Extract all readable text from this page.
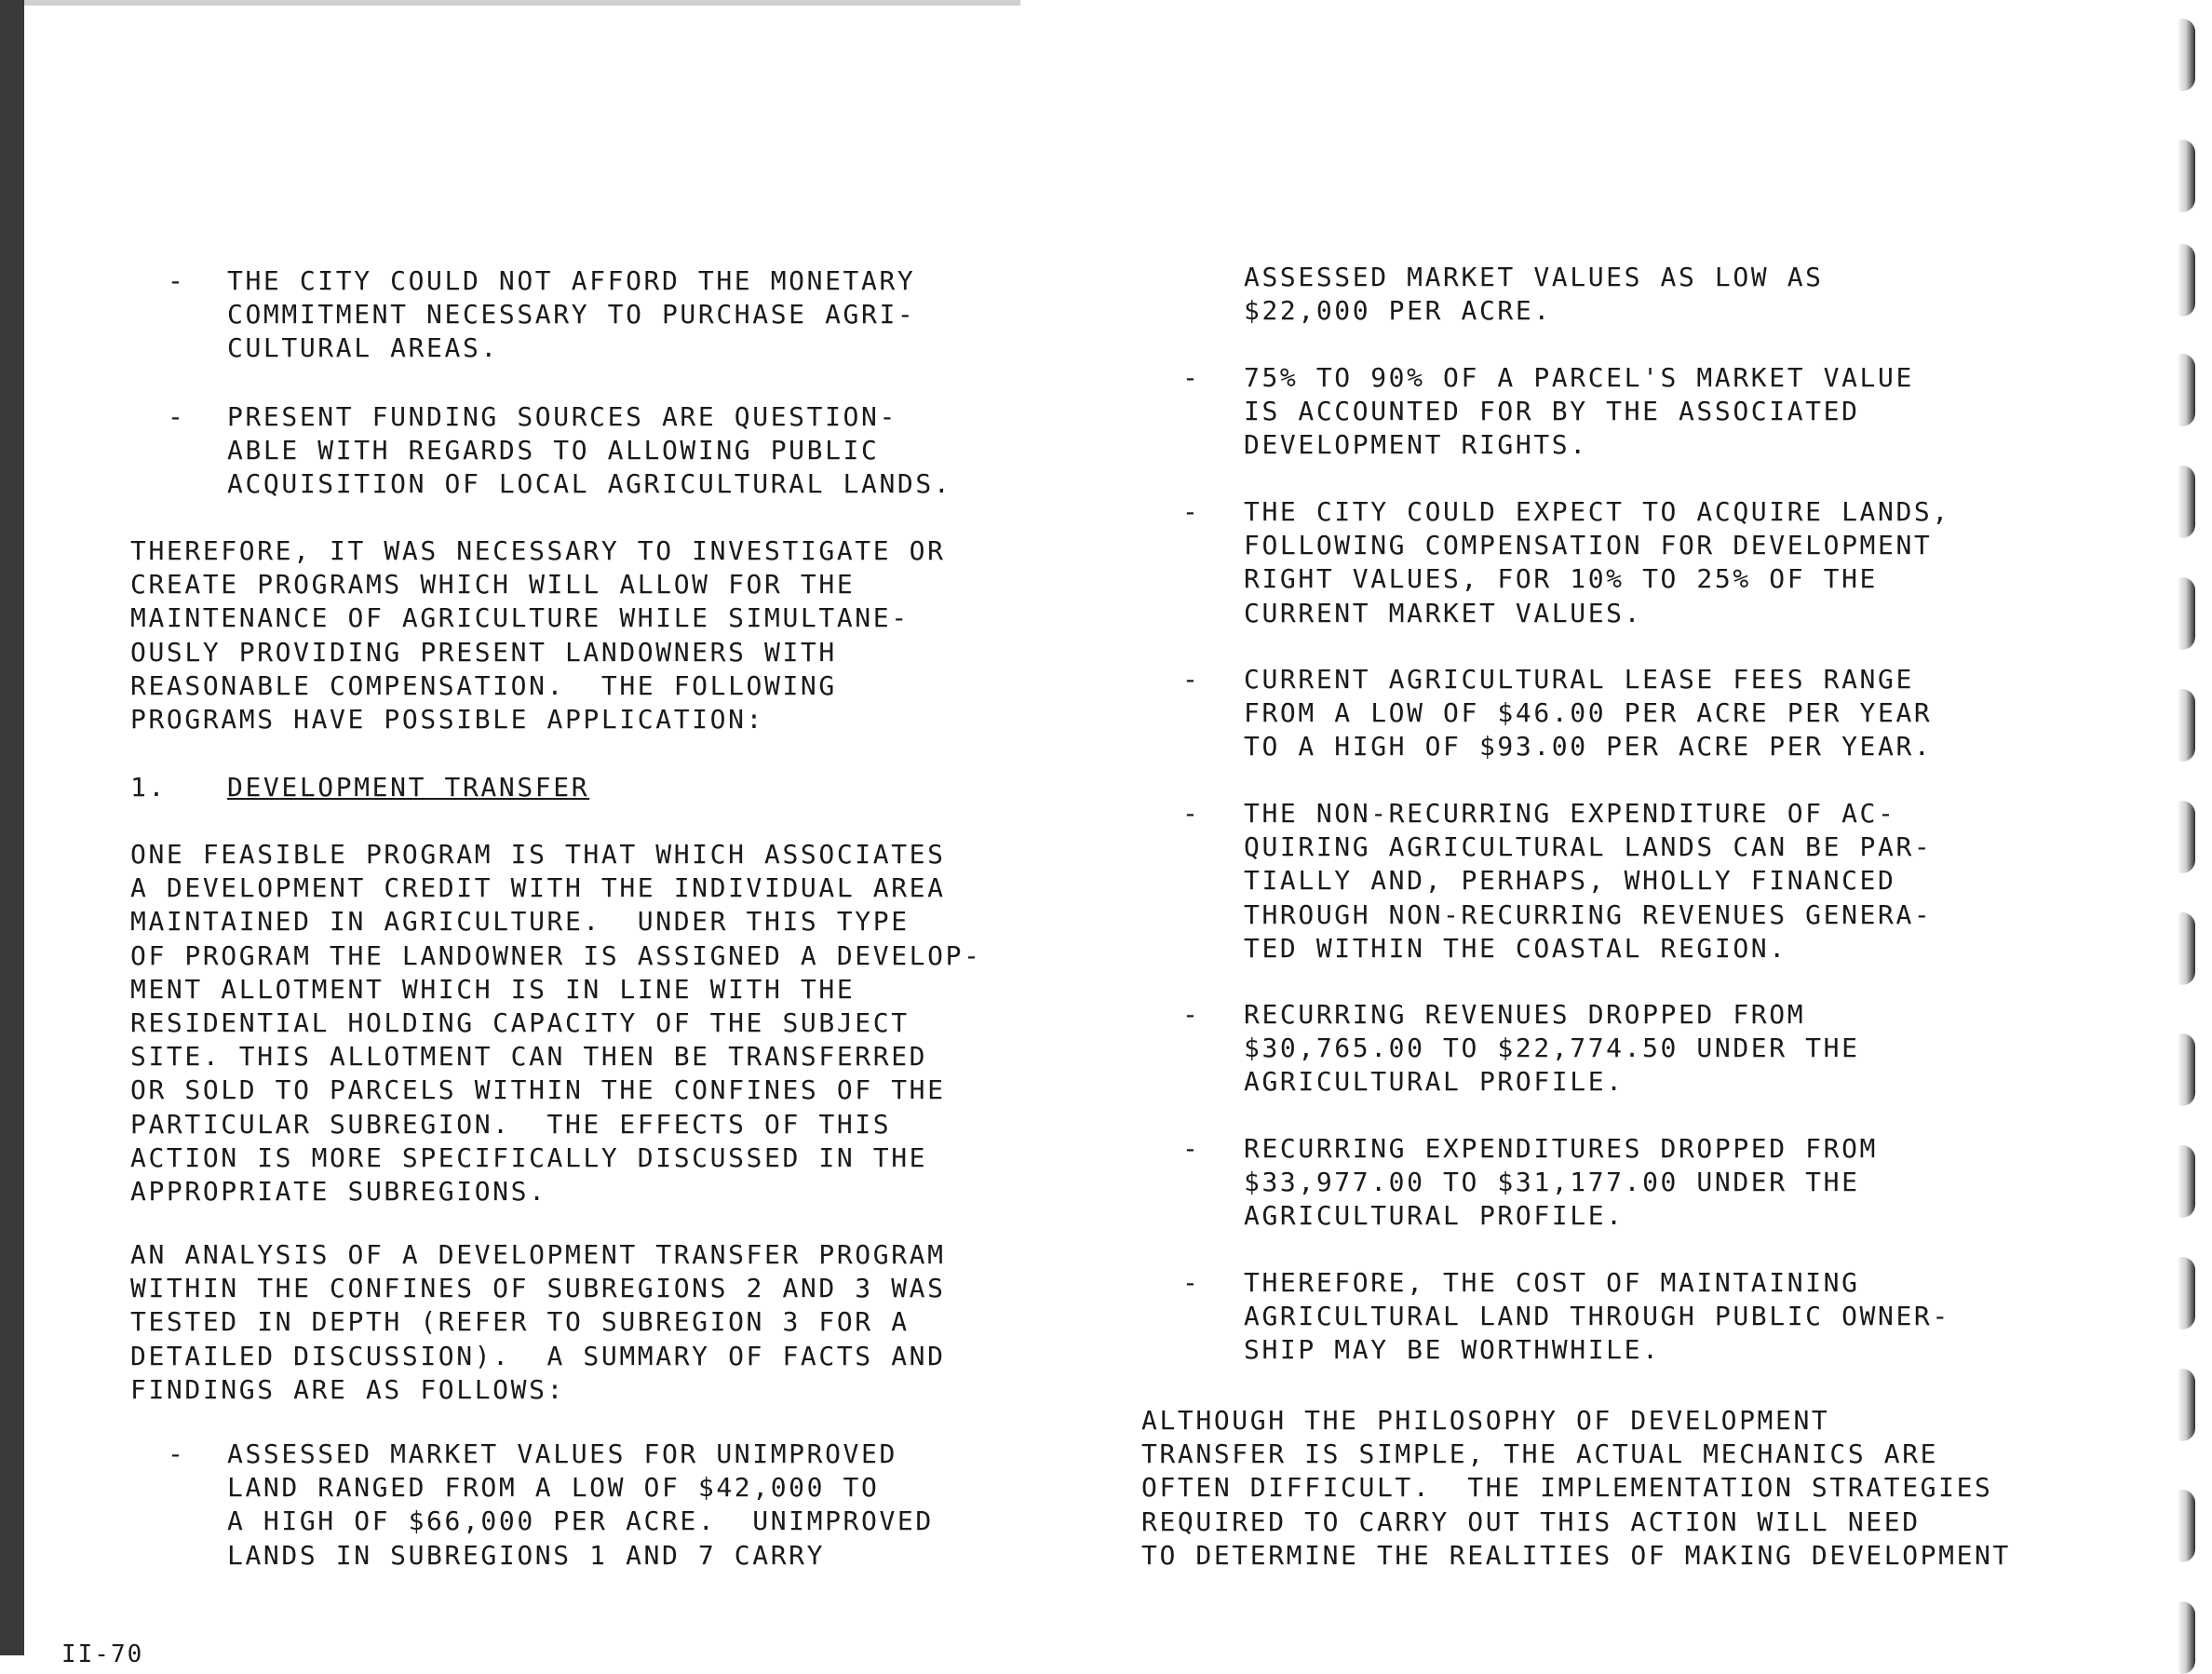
- THE CITY COULD NOT AFFORD THE MONETARY
COMMITMENT NECESSARY TO PURCHASE AGRI-
CULTURAL AREAS.
- PRESENT FUNDING SOURCES ARE QUESTION-
ABLE WITH REGARDS TO ALLOWING PUBLIC
ACQUISITION OF LOCAL AGRICULTURAL LANDS.
THEREFORE, IT WAS NECESSARY TO INVESTIGATE OR
CREATE PROGRAMS WHICH WILL ALLOW FOR THE
MAINTENANCE OF AGRICULTURE WHILE SIMULTANE-
OUSLY PROVIDING PRESENT LANDOWNERS WITH
REASONABLE COMPENSATION.  THE FOLLOWING
PROGRAMS HAVE POSSIBLE APPLICATION:
1. DEVELOPMENT TRANSFER
ONE FEASIBLE PROGRAM IS THAT WHICH ASSOCIATES
A DEVELOPMENT CREDIT WITH THE INDIVIDUAL AREA
MAINTAINED IN AGRICULTURE.  UNDER THIS TYPE
OF PROGRAM THE LANDOWNER IS ASSIGNED A DEVELOP-
MENT ALLOTMENT WHICH IS IN LINE WITH THE
RESIDENTIAL HOLDING CAPACITY OF THE SUBJECT
SITE. THIS ALLOTMENT CAN THEN BE TRANSFERRED
OR SOLD TO PARCELS WITHIN THE CONFINES OF THE
PARTICULAR SUBREGION.  THE EFFECTS OF THIS
ACTION IS MORE SPECIFICALLY DISCUSSED IN THE
APPROPRIATE SUBREGIONS.
AN ANALYSIS OF A DEVELOPMENT TRANSFER PROGRAM
WITHIN THE CONFINES OF SUBREGIONS 2 AND 3 WAS
TESTED IN DEPTH (REFER TO SUBREGION 3 FOR A
DETAILED DISCUSSION).  A SUMMARY OF FACTS AND
FINDINGS ARE AS FOLLOWS:
- ASSESSED MARKET VALUES FOR UNIMPROVED
LAND RANGED FROM A LOW OF $42,000 TO
A HIGH OF $66,000 PER ACRE.  UNIMPROVED
LANDS IN SUBREGIONS 1 AND 7 CARRY
ASSESSED MARKET VALUES AS LOW AS
$22,000 PER ACRE.
- 75% TO 90% OF A PARCEL'S MARKET VALUE
IS ACCOUNTED FOR BY THE ASSOCIATED
DEVELOPMENT RIGHTS.
- THE CITY COULD EXPECT TO ACQUIRE LANDS,
FOLLOWING COMPENSATION FOR DEVELOPMENT
RIGHT VALUES, FOR 10% TO 25% OF THE
CURRENT MARKET VALUES.
- CURRENT AGRICULTURAL LEASE FEES RANGE
FROM A LOW OF $46.00 PER ACRE PER YEAR
TO A HIGH OF $93.00 PER ACRE PER YEAR.
- THE NON-RECURRING EXPENDITURE OF AC-
QUIRING AGRICULTURAL LANDS CAN BE PAR-
TIALLY AND, PERHAPS, WHOLLY FINANCED
THROUGH NON-RECURRING REVENUES GENERA-
TED WITHIN THE COASTAL REGION.
- RECURRING REVENUES DROPPED FROM
$30,765.00 TO $22,774.50 UNDER THE
AGRICULTURAL PROFILE.
- RECURRING EXPENDITURES DROPPED FROM
$33,977.00 TO $31,177.00 UNDER THE
AGRICULTURAL PROFILE.
- THEREFORE, THE COST OF MAINTAINING
AGRICULTURAL LAND THROUGH PUBLIC OWNER-
SHIP MAY BE WORTHWHILE.
ALTHOUGH THE PHILOSOPHY OF DEVELOPMENT
TRANSFER IS SIMPLE, THE ACTUAL MECHANICS ARE
OFTEN DIFFICULT.  THE IMPLEMENTATION STRATEGIES
REQUIRED TO CARRY OUT THIS ACTION WILL NEED
TO DETERMINE THE REALITIES OF MAKING DEVELOPMENT
II-70
